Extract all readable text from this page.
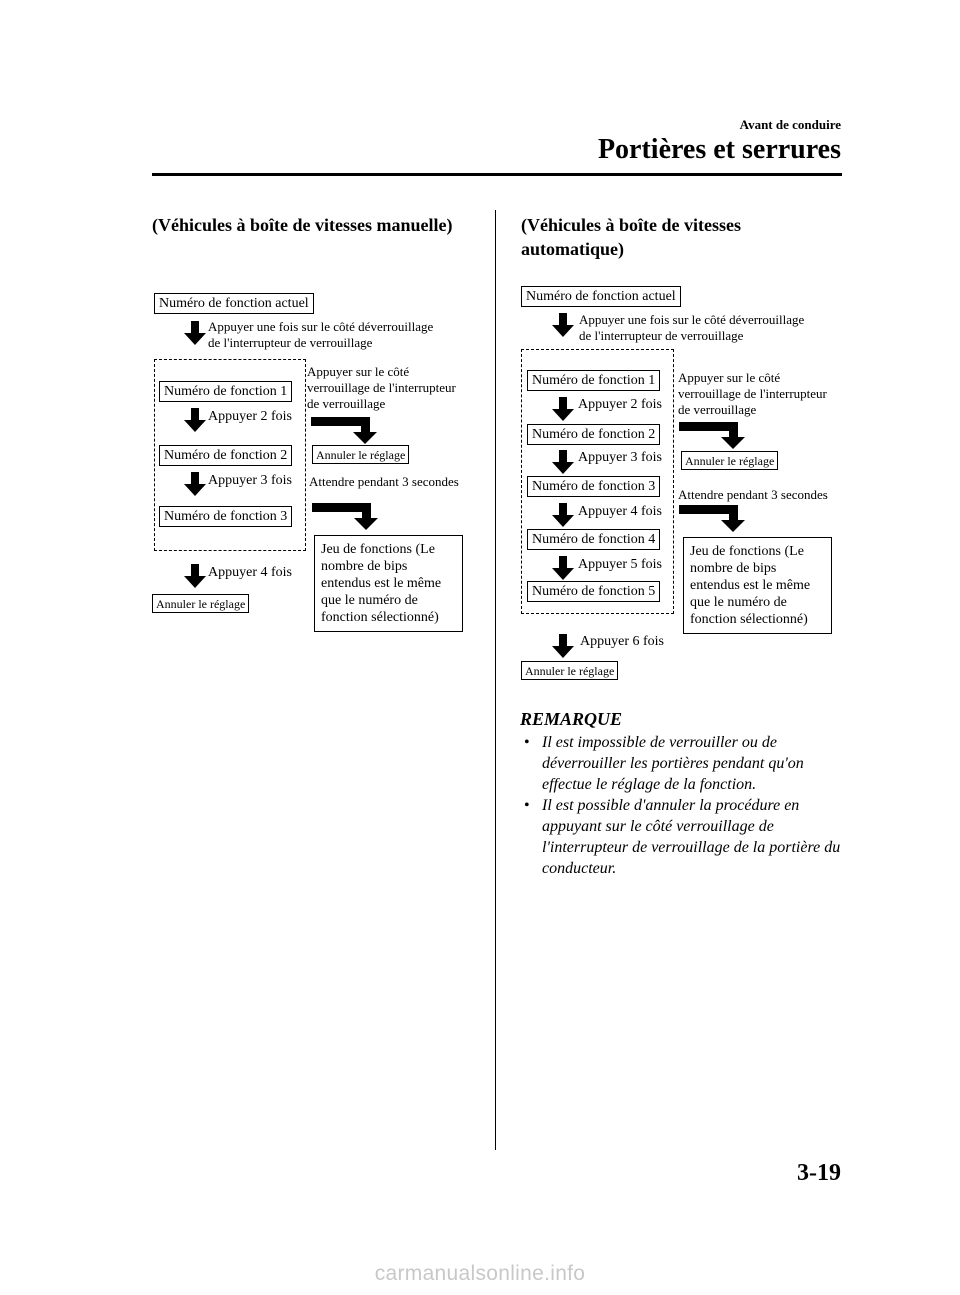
Avant de conduire
Portières et serrures
(Véhicules à boîte de vitesses manuelle)
Numéro de fonction actuel
Appuyer une fois sur le côté déverrouillage
de l'interrupteur de verrouillage
Numéro de fonction 1
Appuyer 2 fois
Numéro de fonction 2
Appuyer 3 fois
Numéro de fonction 3
Appuyer 4 fois
Annuler le réglage
Appuyer sur le côté
verrouillage de l'interrupteur
de verrouillage
Annuler le réglage
Attendre pendant 3 secondes
Jeu de fonctions (Le
nombre de bips
entendus est le même
que le numéro de
fonction sélectionné)
(Véhicules à boîte de vitesses
automatique)
Numéro de fonction actuel
Appuyer une fois sur le côté déverrouillage
de l'interrupteur de verrouillage
Numéro de fonction 1
Appuyer 2 fois
Numéro de fonction 2
Appuyer 3 fois
Numéro de fonction 3
Appuyer 4 fois
Numéro de fonction 4
Appuyer 5 fois
Numéro de fonction 5
Appuyer 6 fois
Annuler le réglage
Appuyer sur le côté
verrouillage de l'interrupteur
de verrouillage
Annuler le réglage
Attendre pendant 3 secondes
Jeu de fonctions (Le
nombre de bips
entendus est le même
que le numéro de
fonction sélectionné)
REMARQUE
• Il est impossible de verrouiller ou de déverrouiller les portières pendant qu'on effectue le réglage de la fonction.
• Il est possible d'annuler la procédure en appuyant sur le côté verrouillage de l'interrupteur de verrouillage de la portière du conducteur.
3-19
carmanualsonline.info
